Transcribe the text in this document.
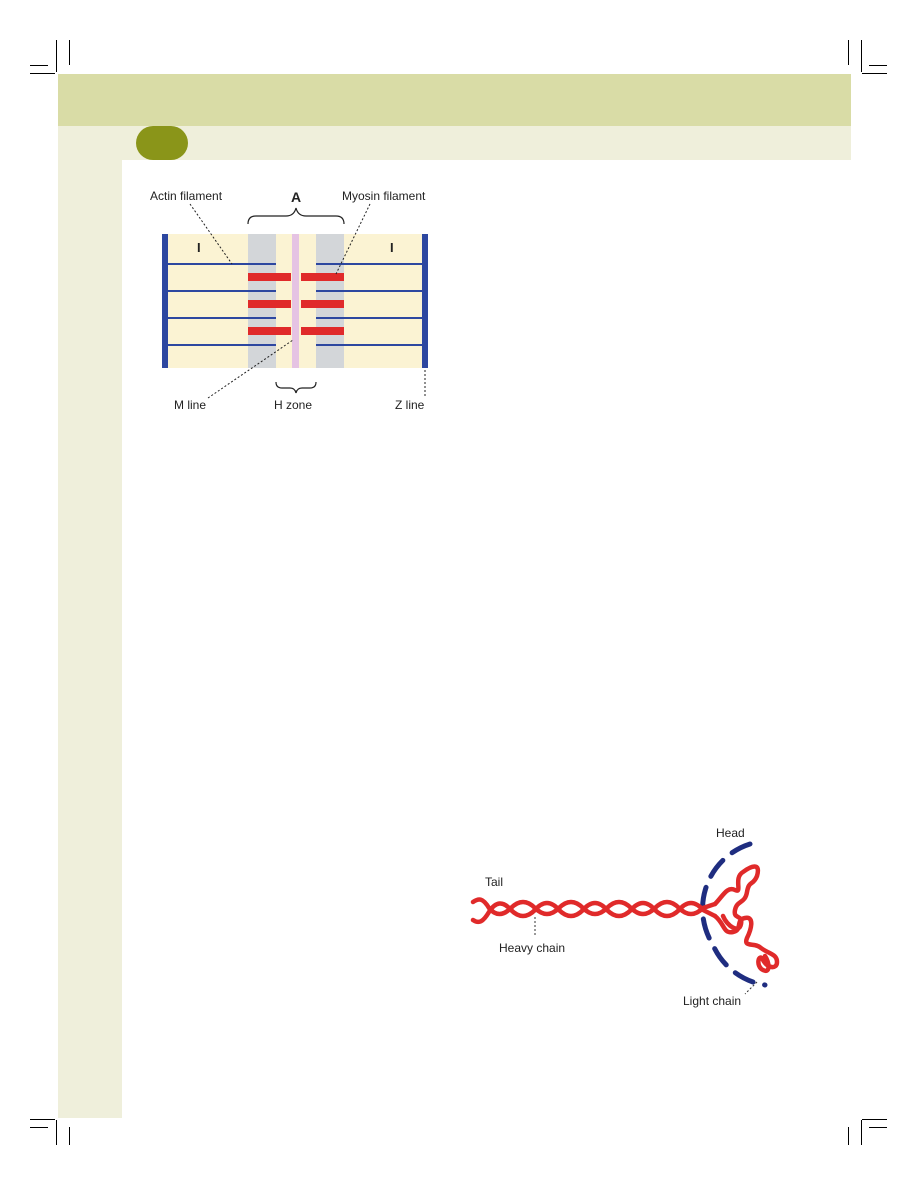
Actin filament	A	Myosin filament
I	I
M line	H zone	Z line
Tail
Head
Heavy chain
Light chain
